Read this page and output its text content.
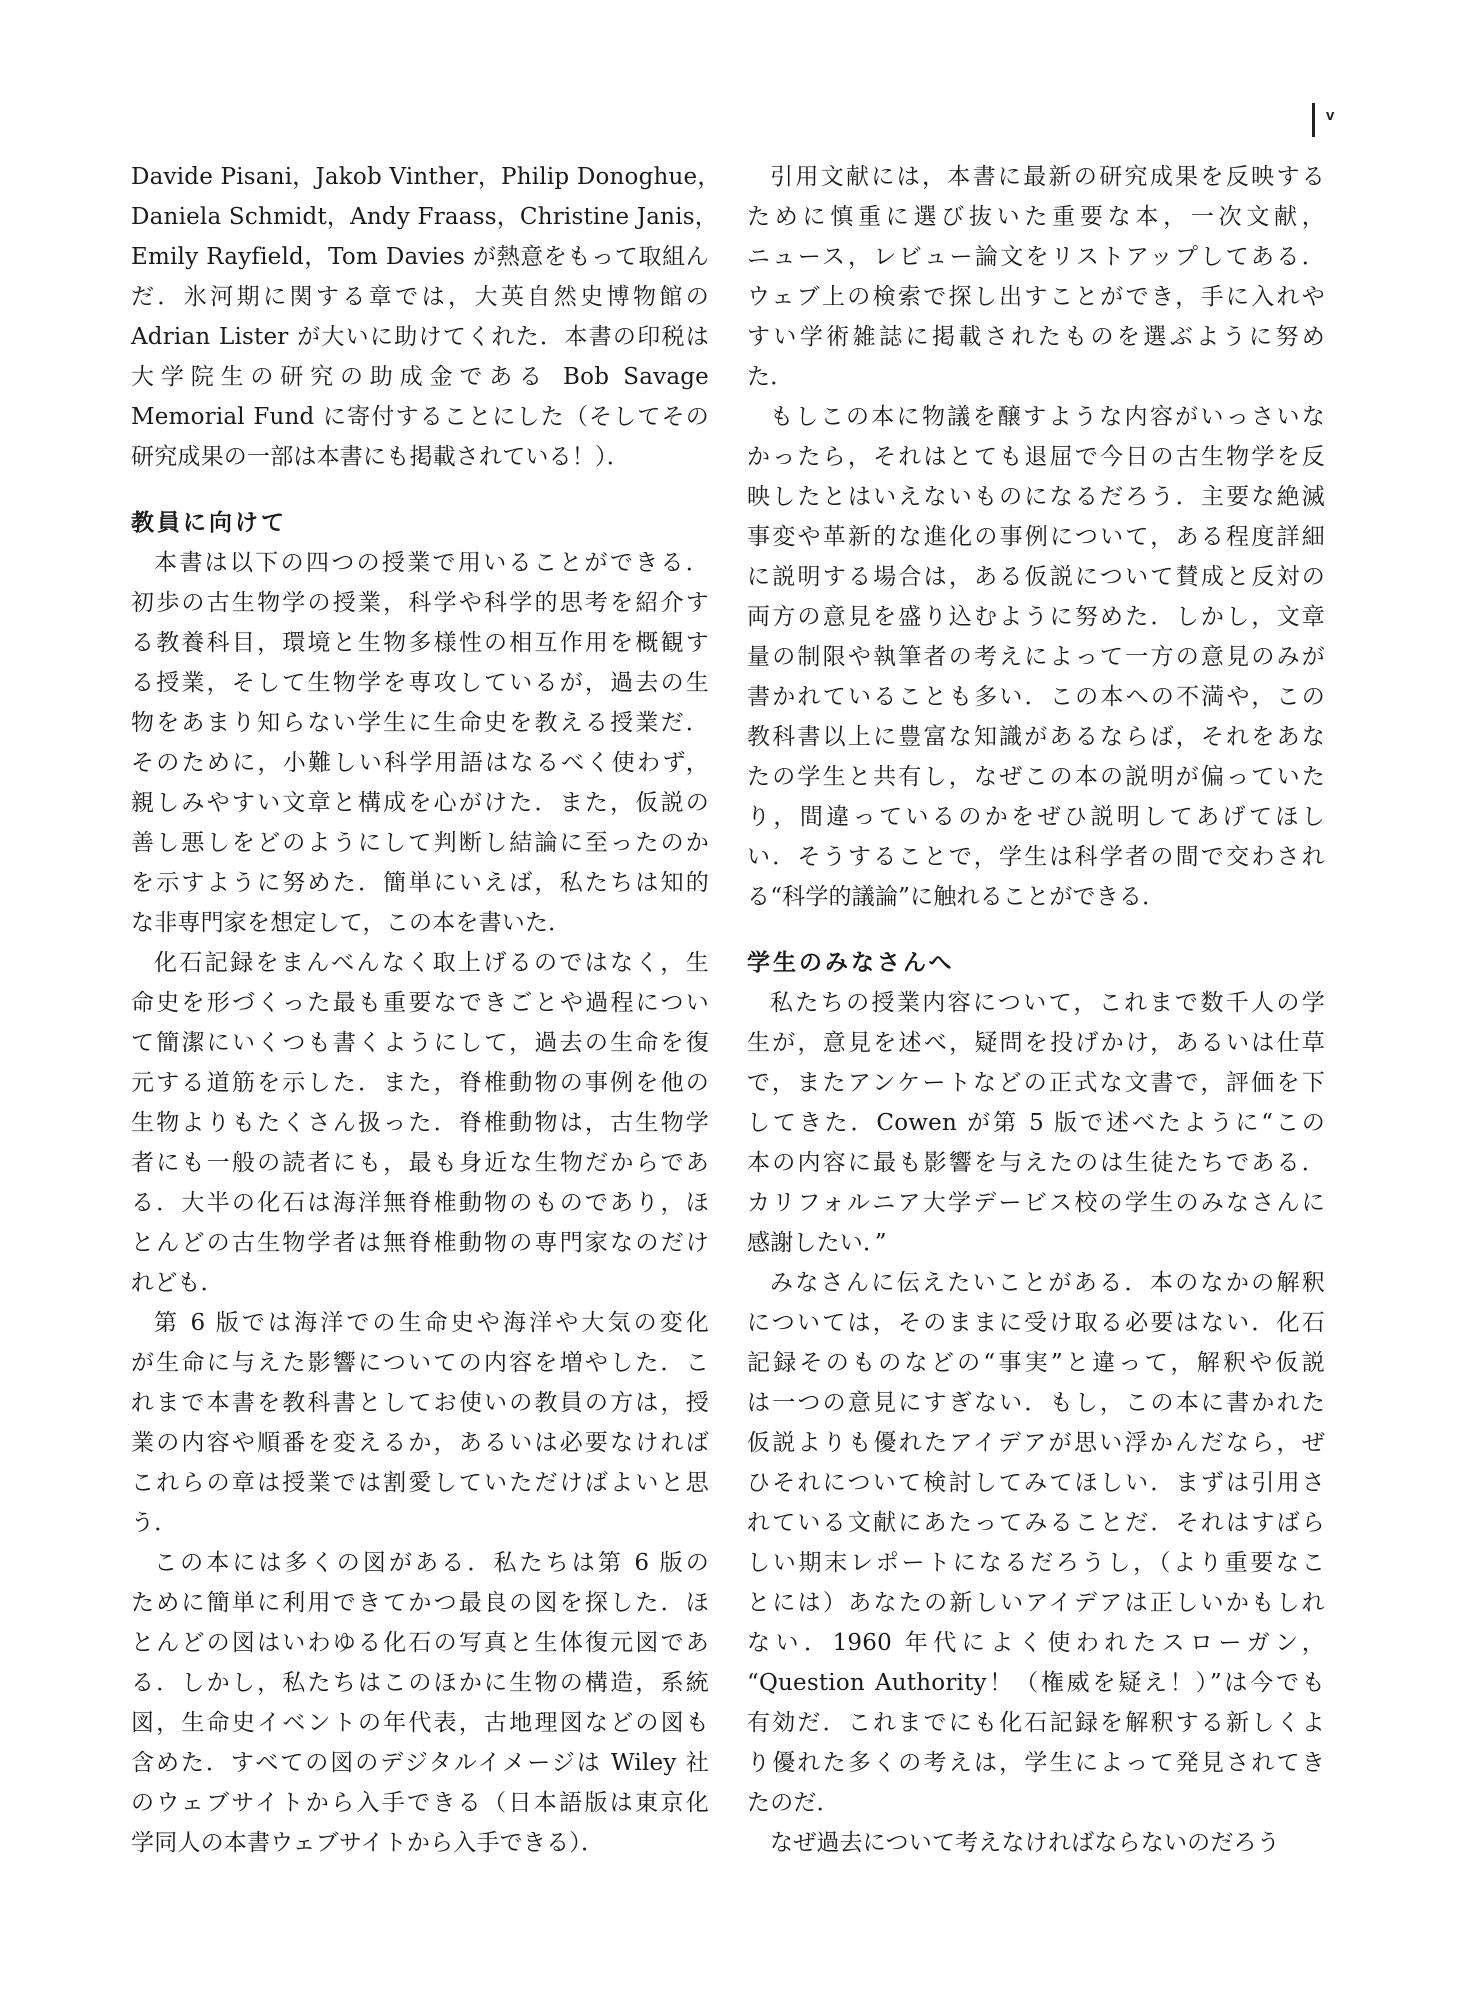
v
Davide Pisani，Jakob Vinther，Philip Donoghue，
Daniela Schmidt，Andy Fraass，Christine Janis，
Emily Rayfield，Tom Davies が熱意をもって取組ん
だ．氷河期に関する章では，大英自然史博物館の
Adrian Lister が大いに助けてくれた．本書の印税は
大学院生の研究の助成金である Bob Savage
Memorial Fund に寄付することにした（そしてその
研究成果の一部は本書にも掲載されている！）．
教員に向けて
本書は以下の四つの授業で用いることができる．
初歩の古生物学の授業，科学や科学的思考を紹介す
る教養科目，環境と生物多様性の相互作用を概観す
る授業，そして生物学を専攻しているが，過去の生
物をあまり知らない学生に生命史を教える授業だ．
そのために，小難しい科学用語はなるべく使わず，
親しみやすい文章と構成を心がけた．また，仮説の
善し悪しをどのようにして判断し結論に至ったのか
を示すように努めた．簡単にいえば，私たちは知的
な非専門家を想定して，この本を書いた．
化石記録をまんべんなく取上げるのではなく，生
命史を形づくった最も重要なできごとや過程につい
て簡潔にいくつも書くようにして，過去の生命を復
元する道筋を示した．また，脊椎動物の事例を他の
生物よりもたくさん扱った．脊椎動物は，古生物学
者にも一般の読者にも，最も身近な生物だからであ
る．大半の化石は海洋無脊椎動物のものであり，ほ
とんどの古生物学者は無脊椎動物の専門家なのだけ
れども．
第 6 版では海洋での生命史や海洋や大気の変化
が生命に与えた影響についての内容を増やした．こ
れまで本書を教科書としてお使いの教員の方は，授
業の内容や順番を変えるか，あるいは必要なければ
これらの章は授業では割愛していただけばよいと思
う．
この本には多くの図がある．私たちは第 6 版の
ために簡単に利用できてかつ最良の図を探した．ほ
とんどの図はいわゆる化石の写真と生体復元図であ
る．しかし，私たちはこのほかに生物の構造，系統
図，生命史イベントの年代表，古地理図などの図も
含めた．すべての図のデジタルイメージは Wiley 社
のウェブサイトから入手できる（日本語版は東京化
学同人の本書ウェブサイトから入手できる）．
引用文献には，本書に最新の研究成果を反映する
ために慎重に選び抜いた重要な本，一次文献，
ニュース，レビュー論文をリストアップしてある．
ウェブ上の検索で探し出すことができ，手に入れや
すい学術雑誌に掲載されたものを選ぶように努め
た．
もしこの本に物議を醸すような内容がいっさいな
かったら，それはとても退屈で今日の古生物学を反
映したとはいえないものになるだろう．主要な絶滅
事変や革新的な進化の事例について，ある程度詳細
に説明する場合は，ある仮説について賛成と反対の
両方の意見を盛り込むように努めた．しかし，文章
量の制限や執筆者の考えによって一方の意見のみが
書かれていることも多い．この本への不満や，この
教科書以上に豊富な知識があるならば，それをあな
たの学生と共有し，なぜこの本の説明が偏っていた
り，間違っているのかをぜひ説明してあげてほし
い．そうすることで，学生は科学者の間で交わされ
る“科学的議論”に触れることができる．
学生のみなさんへ
私たちの授業内容について，これまで数千人の学
生が，意見を述べ，疑問を投げかけ，あるいは仕草
で，またアンケートなどの正式な文書で，評価を下
してきた．Cowen が第 5 版で述べたように“この
本の内容に最も影響を与えたのは生徒たちである．
カリフォルニア大学デービス校の学生のみなさんに
感謝したい．”
みなさんに伝えたいことがある．本のなかの解釈
については，そのままに受け取る必要はない．化石
記録そのものなどの“事実”と違って，解釈や仮説
は一つの意見にすぎない．もし，この本に書かれた
仮説よりも優れたアイデアが思い浮かんだなら，ぜ
ひそれについて検討してみてほしい．まずは引用さ
れている文献にあたってみることだ．それはすばら
しい期末レポートになるだろうし，（より重要なこ
とには）あなたの新しいアイデアは正しいかもしれ
ない．1960 年代によく使われたスローガン，
“Question Authority！（権威を疑え！）”は今でも
有効だ．これまでにも化石記録を解釈する新しくよ
り優れた多くの考えは，学生によって発見されてき
たのだ．
なぜ過去について考えなければならないのだろう
